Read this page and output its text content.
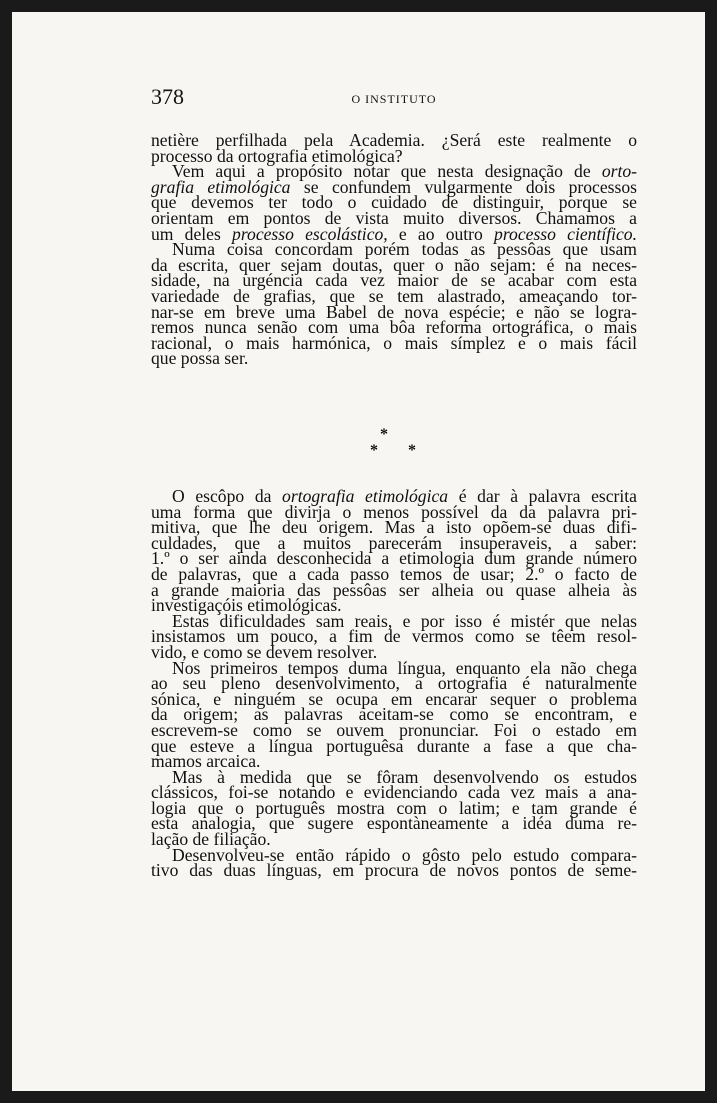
378	O INSTITUTO
netière perfilhada pela Academia. ¿Será este realmente o
processo da ortografia etimológica?
Vem aqui a propósito notar que nesta designação de orto-
grafia etimológica se confundem vulgarmente dois processos
que devemos ter todo o cuidado de distinguir, porque se
orientam em pontos de vista muito diversos. Chamamos a
um deles processo escolástico, e ao outro processo científico.
Numa coisa concordam porém todas as pessôas que usam
da escrita, quer sejam doutas, quer o não sejam: é na neces-
sidade, na urgéncia cada vez maior de se acabar com esta
variedade de grafias, que se tem alastrado, ameaçando tor-
nar-se em breve uma Babel de nova espécie; e não se logra-
remos nunca senão com uma bôa reforma ortográfica, o mais
racional, o mais harmónica, o mais símplez e o mais fácil
que possa ser.
*
* *
O escôpo da ortografia etimológica é dar à palavra escrita
uma forma que divirja o menos possível da da palavra pri-
mitiva, que lhe deu origem. Mas a isto opõem-se duas difi-
culdades, que a muitos parecerám insuperaveis, a saber:
1.º o ser ainda desconhecida a etimologia dum grande número
de palavras, que a cada passo temos de usar; 2.º o facto de
a grande maioria das pessôas ser alheia ou quase alheia às
investigaçóis etimológicas.
Estas dificuldades sam reais, e por isso é mistér que nelas
insistamos um pouco, a fim de vermos como se têem resol-
vido, e como se devem resolver.
Nos primeiros tempos duma língua, enquanto ela não chega
ao seu pleno desenvolvimento, a ortografia é naturalmente
sónica, e ninguém se ocupa em encarar sequer o problema
da origem; as palavras aceitam-se como se encontram, e
escrevem-se como se ouvem pronunciar. Foi o estado em
que esteve a língua portuguêsa durante a fase a que cha-
mamos arcaica.
Mas à medida que se fôram desenvolvendo os estudos
clássicos, foi-se notando e evidenciando cada vez mais a ana-
logia que o português mostra com o latim; e tam grande é
esta analogia, que sugere espontàneamente a idéa duma re-
lação de filiação.
Desenvolveu-se então rápido o gôsto pelo estudo compara-
tivo das duas línguas, em procura de novos pontos de seme-
